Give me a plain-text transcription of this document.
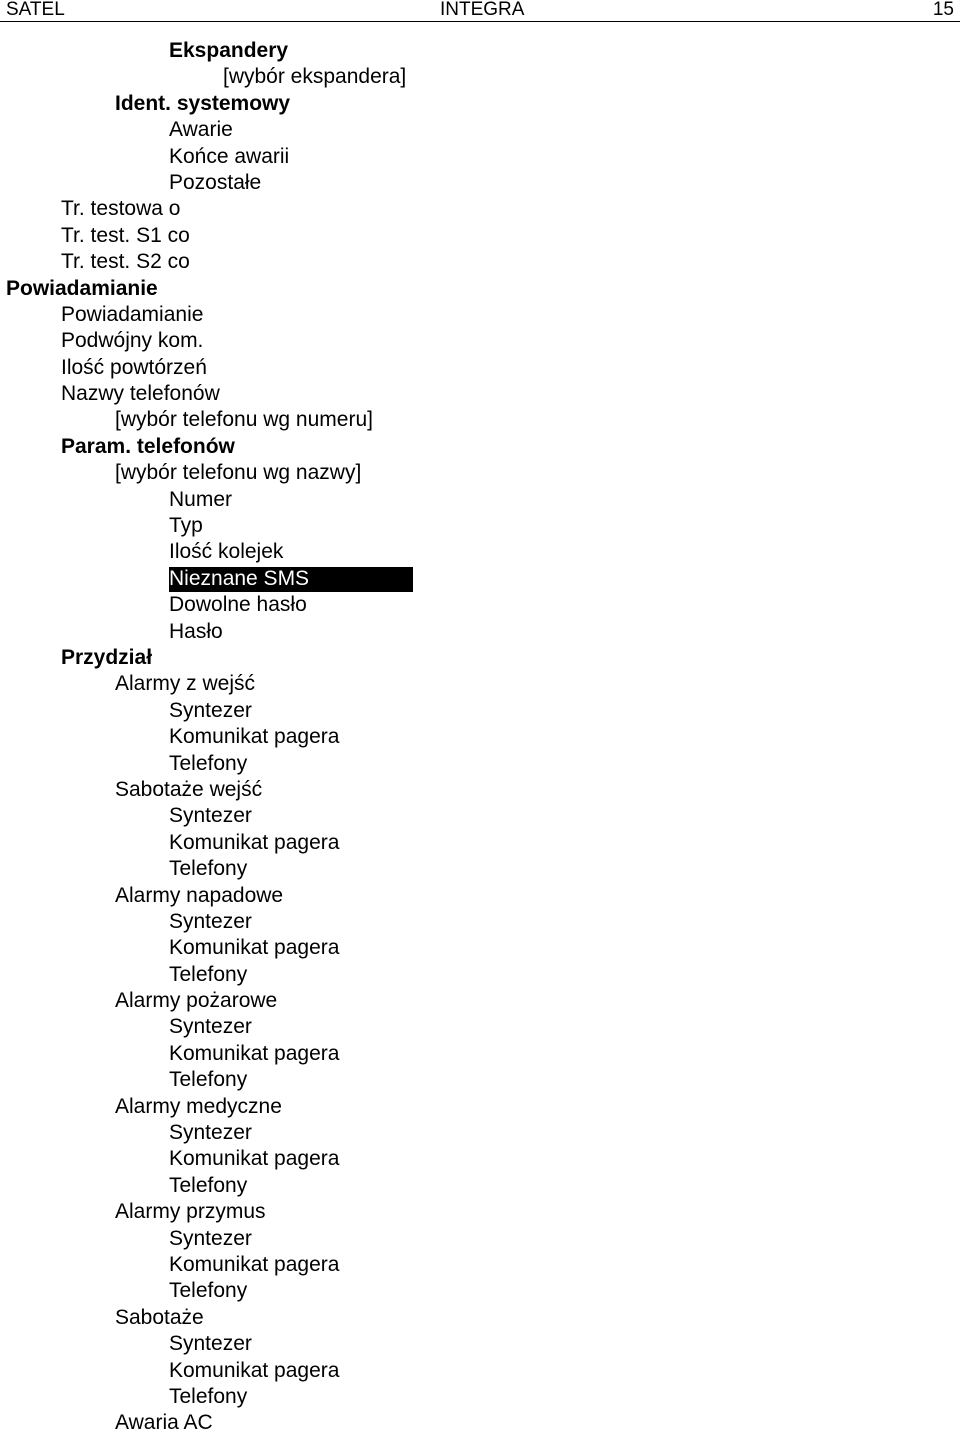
SATEL	INTEGRA	15
Ekspandery
[wybór ekspandera]
Ident. systemowy
Awarie
Końce awarii
Pozostałe
Tr. testowa o
Tr. test. S1 co
Tr. test. S2 co
Powiadamianie
Powiadamianie
Podwójny kom.
Ilość powtórzeń
Nazwy telefonów
[wybór telefonu wg numeru]
Param. telefonów
[wybór telefonu wg nazwy]
Numer
Typ
Ilość kolejek
Nieznane SMS
Dowolne hasło
Hasło
Przydział
Alarmy z wejść
Syntezer
Komunikat pagera
Telefony
Sabotaże wejść
Syntezer
Komunikat pagera
Telefony
Alarmy napadowe
Syntezer
Komunikat pagera
Telefony
Alarmy pożarowe
Syntezer
Komunikat pagera
Telefony
Alarmy medyczne
Syntezer
Komunikat pagera
Telefony
Alarmy przymus
Syntezer
Komunikat pagera
Telefony
Sabotaże
Syntezer
Komunikat pagera
Telefony
Awaria AC
